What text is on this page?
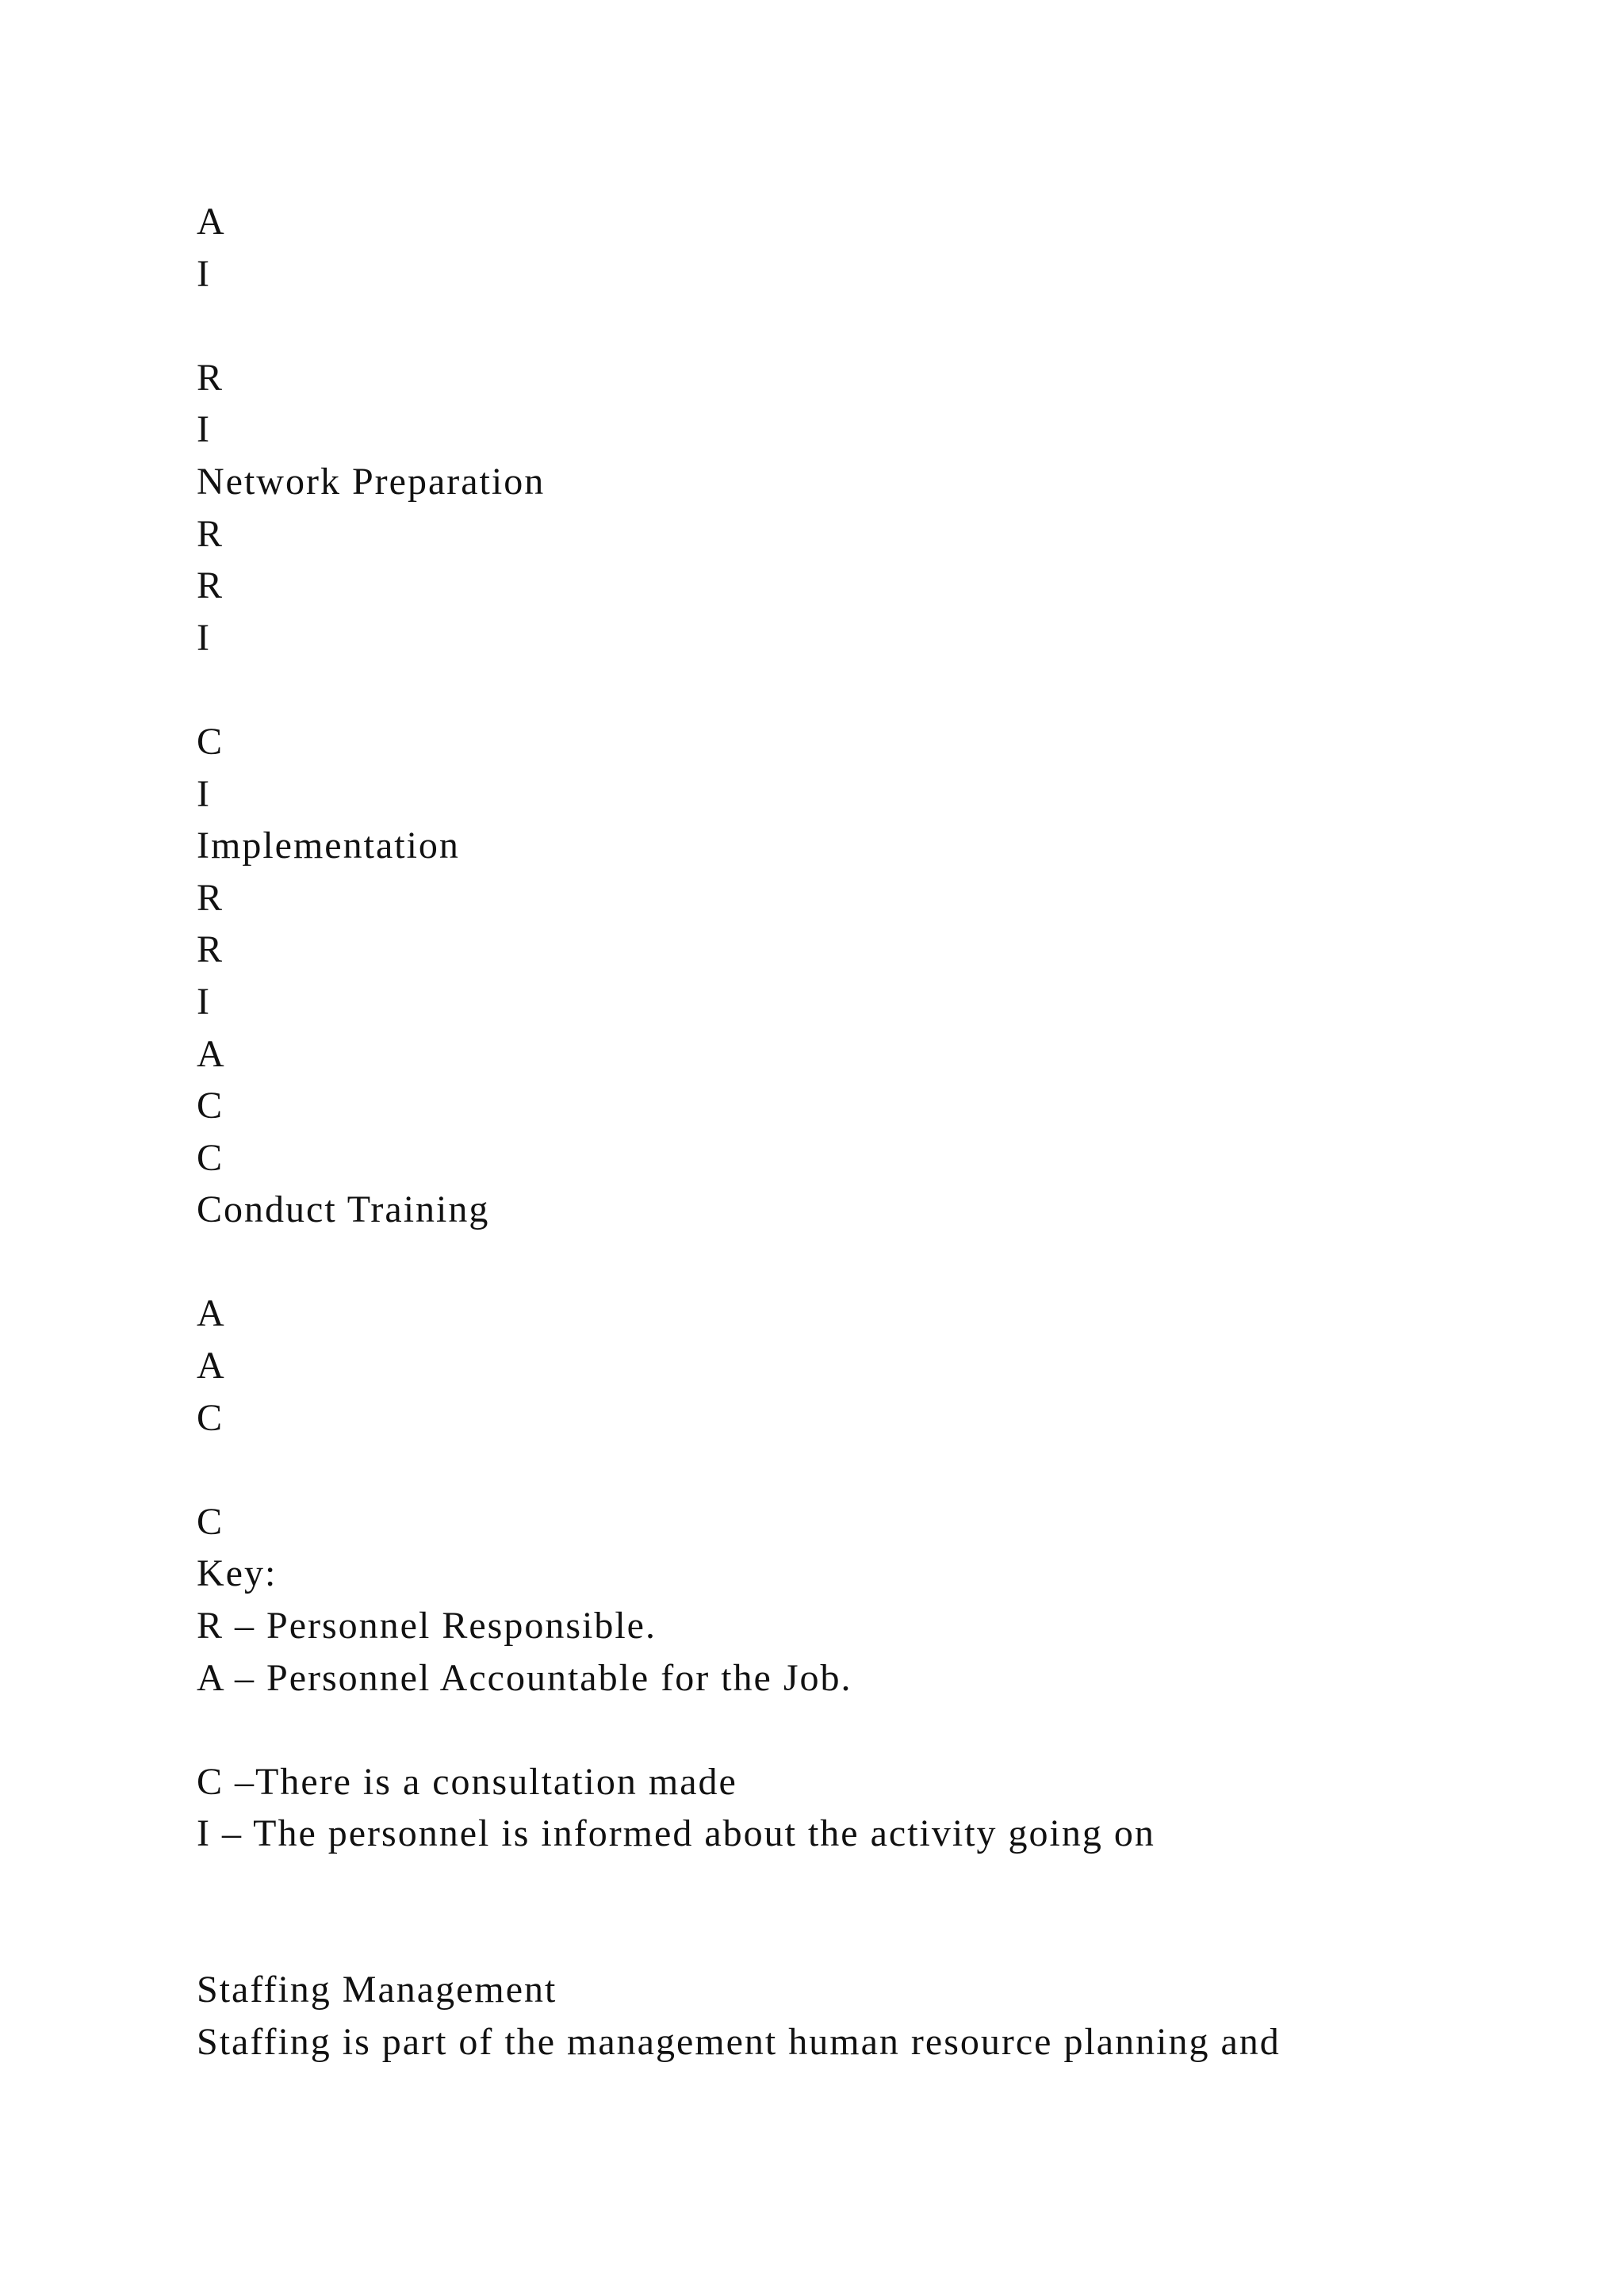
A
I
R
I
Network Preparation
R
R
I
C
I
Implementation
R
R
I
A
C
C
Conduct Training
A
A
C
C
Key:
R – Personnel Responsible.
A – Personnel Accountable for the Job.
C –There is a consultation made
I – The personnel is informed about the activity going on
Staffing Management
Staffing is part of the management human resource planning and
